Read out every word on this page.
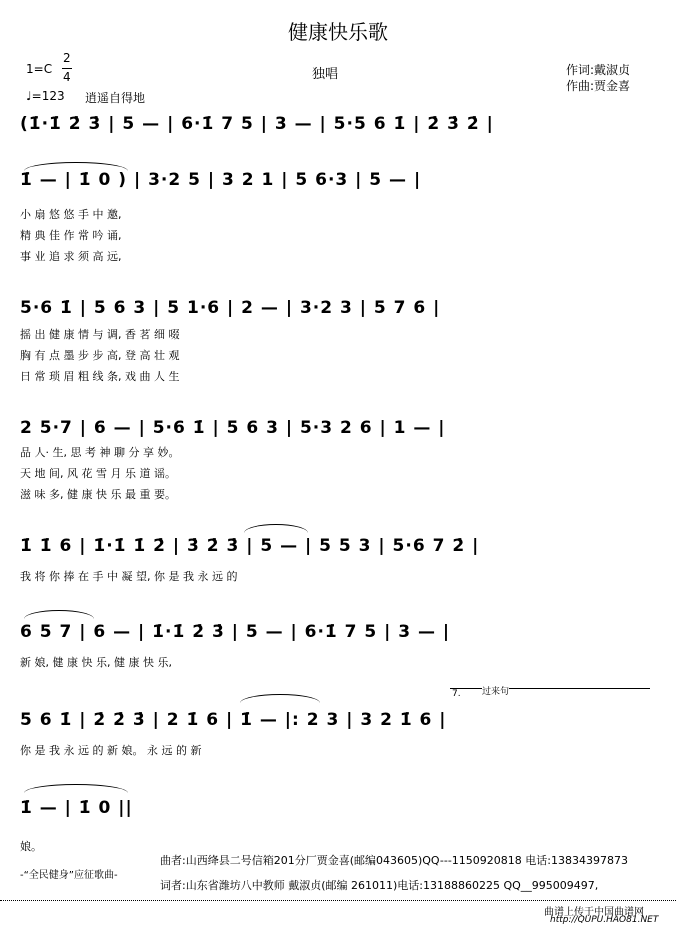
健康快乐歌
1=C
2
4
♩=123 逍遥自得地
独唱	作词:戴淑贞
作曲:贾金喜
(1̇·1̇ 2̇ 3̇ | 5 — | 6·1̇ 7 5 | 3 — | 5·5 6 1̇ | 2̇ 3̇ 2̇ |
1̇ — | 1̇ 0 ) | 3·2 5 | 3 2 1 | 5 6·3 | 5 — |
小 扇 悠 悠 手 中 邀,
精 典 佳 作 常 吟 诵,
事 业 追 求 须 高 远,
5·6 1̇ | 5 6 3 | 5 1·6 | 2 — | 3·2 3 | 5 7 6 |
摇 出 健 康 情 与 调, 香 茗 细 啜
胸 有 点 墨 步 步 高, 登 高 壮 观
日 常 琐 眉 粗 线 条, 戏 曲 人 生
2 5·7 | 6 — | 5·6 1̇ | 5 6 3 | 5·3 2 6 | 1 — |
品 人· 生, 思 考 神 聊 分 享 妙。
天 地 间, 风 花 雪 月 乐 道 谣。
滋 味 多, 健 康 快 乐 最 重 要。
1̇ 1̇ 6 | 1̇·1̇ 1̇ 2̇ | 3̇ 2̇ 3̇ | 5 — | 5 5 3 | 5·6 7 2̇ |
我 将 你 捧 在 手 中 凝 望, 你 是 我 永 远 的
6 5 7 | 6 — | 1̇·1̇ 2̇ 3̇ | 5 — | 6·1̇ 7 5 | 3 — |
新 娘, 健 康 快 乐, 健 康 快 乐,
7. 过来句
5 6 1̇ | 2̇ 2̇ 3̇ | 2 1̇ 6 | 1̇ — |: 2 3 | 3 2 1̇ 6 |
你 是 我 永 远 的 新 娘。 永 远 的 新
1̇ — | 1̇ 0 ||
娘。
-“全民健身”应征歌曲-
曲者:山西绛县二号信箱201分厂贾金喜(邮编043605)QQ---1150920818 电话:13834397873
词者:山东省潍坊八中教师 戴淑贞(邮编 261011)电话:13188860225 QQ__995009497,
曲谱上传于中国曲谱网
http://QUPU.HAO81.NET
